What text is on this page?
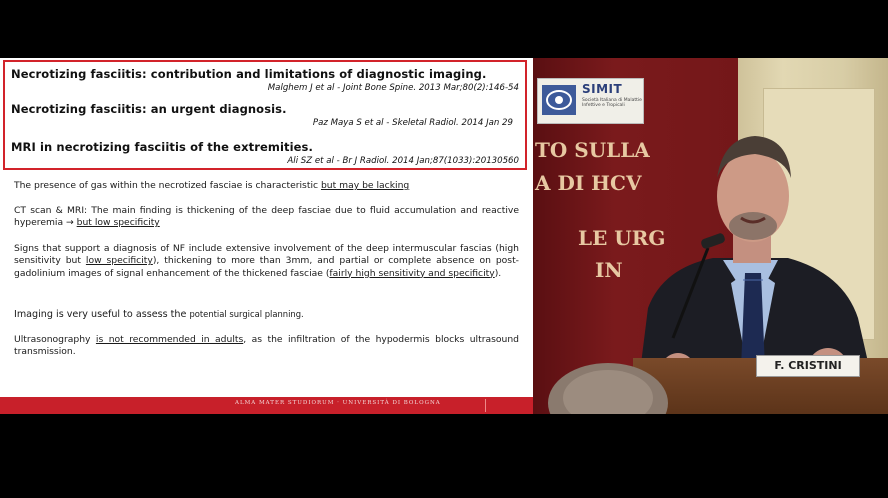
Necrotizing fasciitis: contribution and limitations of diagnostic imaging.
Malghem J et al - Joint Bone Spine. 2013 Mar;80(2):146-54
Necrotizing fasciitis: an urgent diagnosis.
Paz Maya S et al - Skeletal Radiol. 2014 Jan 29
MRI in necrotizing fasciitis of the extremities.
Ali SZ et al - Br J Radiol. 2014 Jan;87(1033):20130560
The presence of gas within the necrotized fasciae is characteristic but may be lacking
CT scan & MRI: The main finding is thickening of the deep fasciae due to fluid accumulation and reactive hyperemia → but low specificity
Signs that support a diagnosis of NF include extensive involvement of the deep intermuscular fascias (high sensitivity but low specificity), thickening to more than 3mm, and partial or complete absence on post-gadolinium images of signal enhancement of the thickened fasciae (fairly high sensitivity and specificity).
Imaging is very useful to assess the potential surgical planning.
Ultrasonography is not recommended in adults, as the infiltration of the hypodermis blocks ultrasound transmission.
ALMA MATER STUDIORUM · UNIVERSITÀ DI BOLOGNA
TO SULLA
A DI HCV
LE URG
IN
SIMIT
Società Italiana di Malattie Infettive e Tropicali
F. CRISTINI
